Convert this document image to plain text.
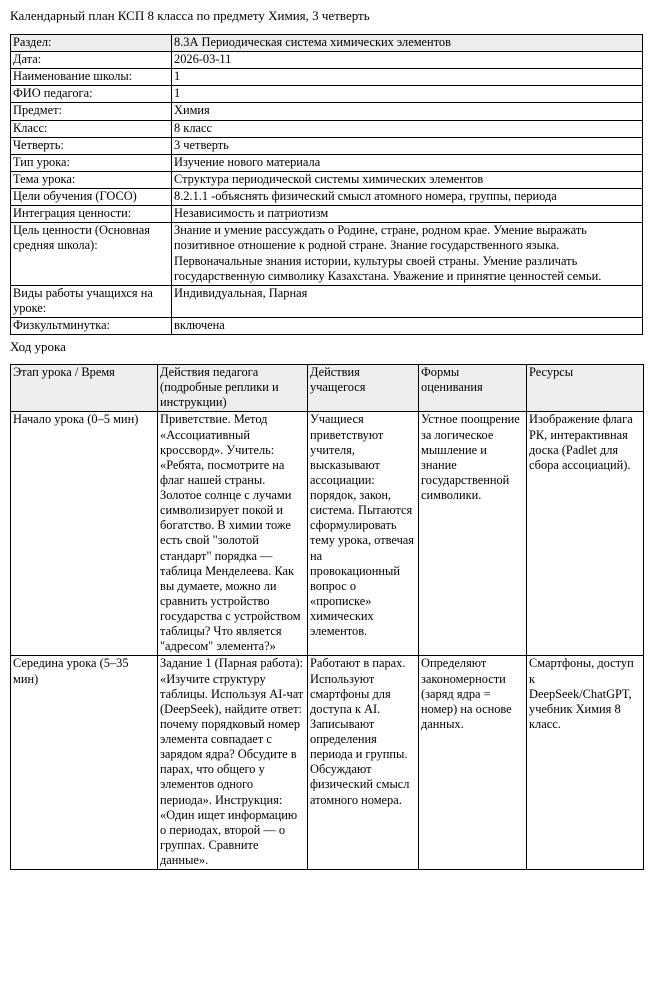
Календарный план КСП 8 класса по предмету Химия, 3 четверть
Раздел:	8.3А Периодическая система химических элементов
Дата:	2026-03-11
Наименование школы:	1
ФИО педагога:	1
Предмет:	Химия
Класс:	8 класс
Четверть:	3 четверть
Тип урока:	Изучение нового материала
Тема урока:	Структура периодической системы химических элементов
Цели обучения (ГОСО)	8.2.1.1 -объяснять физический смысл атомного номера, группы, периода
Интеграция ценности:	Независимость и патриотизм
Цель ценности (Основная средняя школа):	Знание и умение рассуждать о Родине, стране, родном крае. Умение выражать позитивное отношение к родной стране. Знание государственного языка. Первоначальные знания истории, культуры своей страны. Умение различать государственную символику Казахстана. Уважение и принятие ценностей семьи.
Виды работы учащихся на уроке:	Индивидуальная, Парная
Физкультминутка:	включена
Ход урока
Этап урока / Время	Действия педагога (подробные реплики и инструкции)	Действия учащегося	Формы оценивания	Ресурсы
Начало урока (0–5 мин)	Приветствие. Метод «Ассоциативный кроссворд». Учитель: «Ребята, посмотрите на флаг нашей страны. Золотое солнце с лучами символизирует покой и богатство. В химии тоже есть свой "золотой стандарт" порядка — таблица Менделеева. Как вы думаете, можно ли сравнить устройство государства с устройством таблицы? Что является "адресом" элемента?»	Учащиеся приветствуют учителя, высказывают ассоциации: порядок, закон, система. Пытаются сформулировать тему урока, отвечая на провокационный вопрос о «прописке» химических элементов.	Устное поощрение за логическое мышление и знание государственной символики.	Изображение флага РК, интерактивная доска (Padlet для сбора ассоциаций).
Середина урока (5–35 мин)	Задание 1 (Парная работа): «Изучите структуру таблицы. Используя AI-чат (DeepSeek), найдите ответ: почему порядковый номер элемента совпадает с зарядом ядра? Обсудите в парах, что общего у элементов одного периода». Инструкция: «Один ищет информацию о периодах, второй — о группах. Сравните данные».	Работают в парах. Используют смартфоны для доступа к AI. Записывают определения периода и группы. Обсуждают физический смысл атомного номера.	Определяют закономерности (заряд ядра = номер) на основе данных.	Смартфоны, доступ к DeepSeek/ChatGPT, учебник Химия 8 класс.
